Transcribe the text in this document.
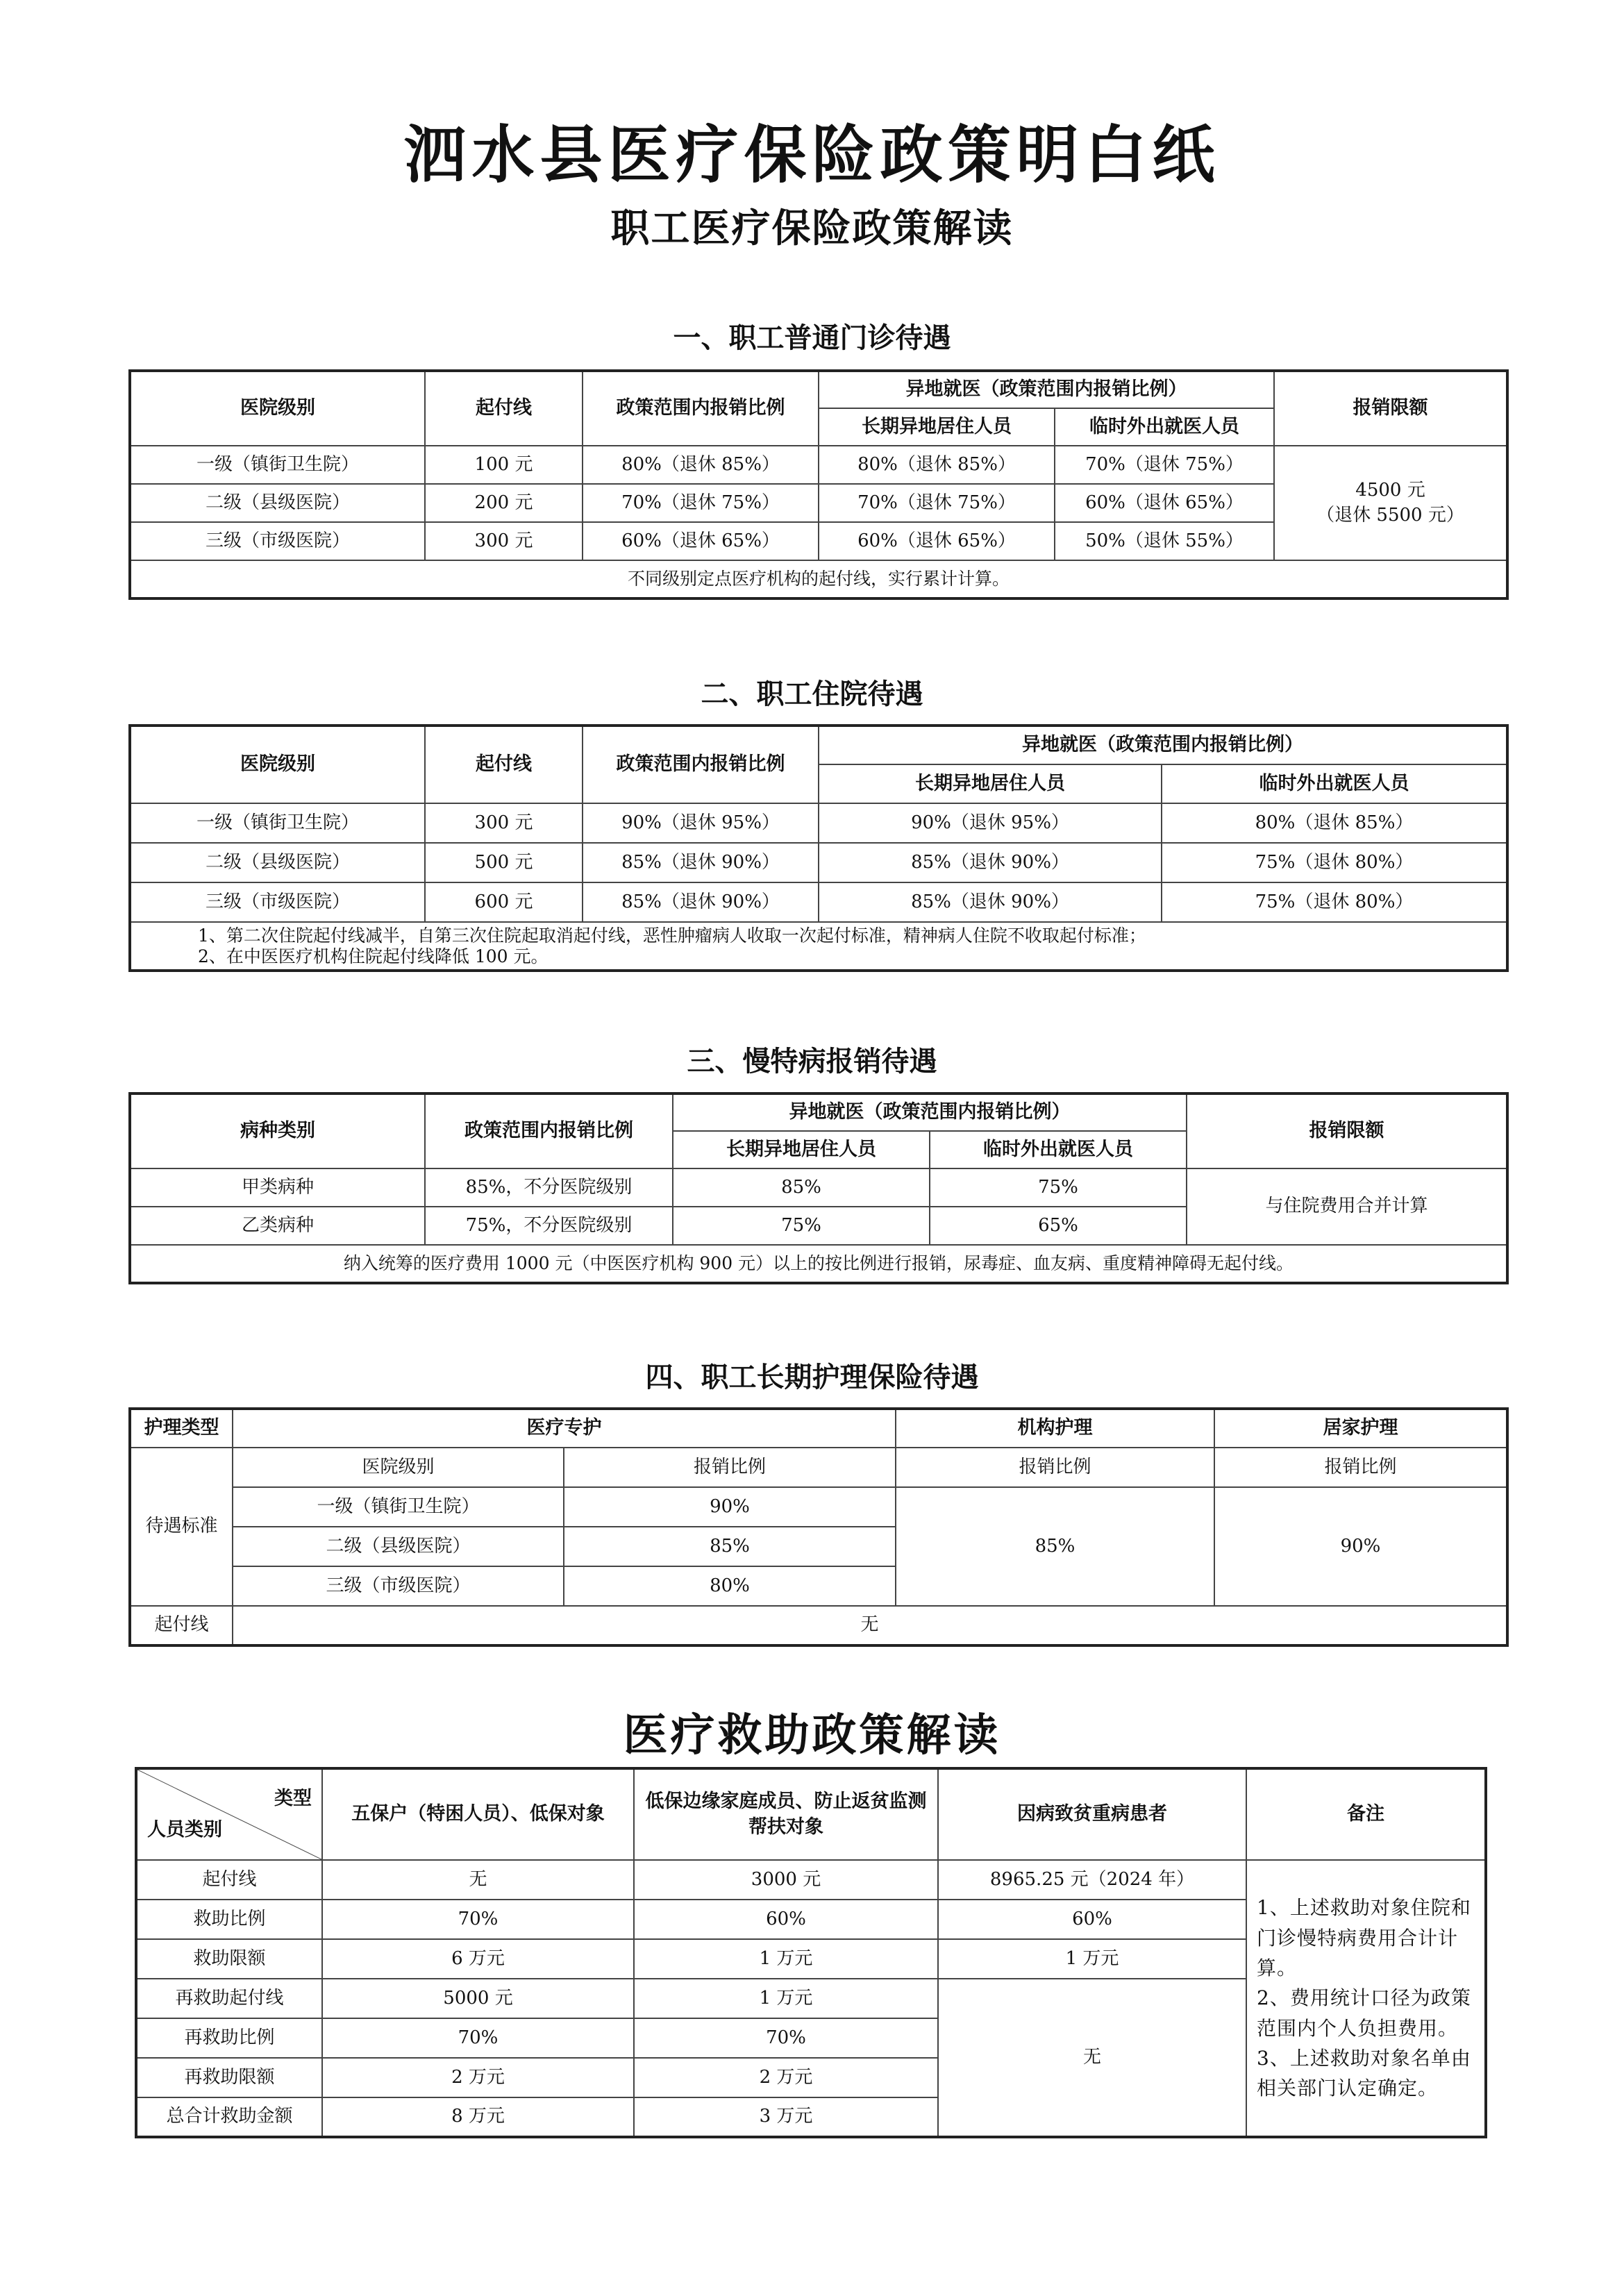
泗水县医疗保险政策明白纸
职工医疗保险政策解读
一、职工普通门诊待遇
医院级别	起付线	政策范围内报销比例	异地就医（政策范围内报销比例）		报销限额
			长期异地居住人员	临时外出就医人员	
一级（镇街卫生院）	100 元	80%（退休 85%）	80%（退休 85%）	70%（退休 75%）	4500 元
（退休 5500 元）

二级（县级医院）	200 元	70%（退休 75%）	70%（退休 75%）	60%（退休 65%）	
三级（市级医院）	300 元	60%（退休 65%）	60%（退休 65%）	50%（退休 55%）	
不同级别定点医疗机构的起付线，实行累计计算。					
二、职工住院待遇
医院级别	起付线	政策范围内报销比例	异地就医（政策范围内报销比例）	
			长期异地居住人员	临时外出就医人员
一级（镇街卫生院）	300 元	90%（退休 95%）	90%（退休 95%）	80%（退休 85%）
二级（县级医院）	500 元	85%（退休 90%）	85%（退休 90%）	75%（退休 80%）
三级（市级医院）	600 元	85%（退休 90%）	85%（退休 90%）	75%（退休 80%）

1、第二次住院起付线减半，自第三次住院起取消起付线，恶性肿瘤病人收取一次起付标准，精神病人住院不收取起付标准；
2、在中医医疗机构住院起付线降低 100 元。				
三、慢特病报销待遇
病种类别	政策范围内报销比例	异地就医（政策范围内报销比例）		报销限额
		长期异地居住人员	临时外出就医人员	
甲类病种	85%，不分医院级别	85%	75%	与住院费用合并计算
乙类病种	75%，不分医院级别	75%	65%	
纳入统筹的医疗费用 1000 元（中医医疗机构 900 元）以上的按比例进行报销，尿毒症、血友病、重度精神障碍无起付线。				
四、职工长期护理保险待遇
护理类型	医疗专护		机构护理	居家护理
待遇标准	医院级别	报销比例	报销比例	报销比例
	一级（镇街卫生院）	90%	85%	90%
	二级（县级医院）	85%		
	三级（市级医院）	80%		
起付线	无			
医疗救助政策解读
类型
人员类别	五保户（特困人员）、低保对象	低保边缘家庭成员、防止返贫监测帮扶对象	因病致贫重病患者	备注
起付线	无	3000 元	8965.25 元（2024 年）	1、上述救助对象住院和门诊慢特病费用合计计算。
2、费用统计口径为政策范围内个人负担费用。
3、上述救助对象名单由相关部门认定确定。

救助比例	70%	60%	60%	
救助限额	6 万元	1 万元	1 万元	
再救助起付线	5000 元	1 万元	无	
再救助比例	70%	70%		
再救助限额	2 万元	2 万元		
总合计救助金额	8 万元	3 万元		
